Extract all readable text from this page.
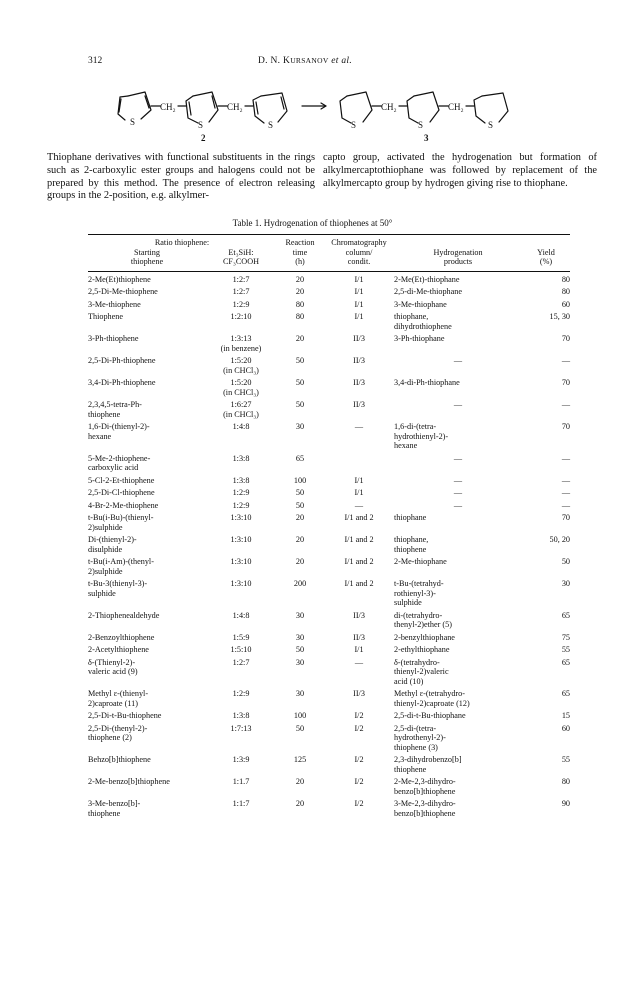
312	D. N. KURSANOV et al.
S
CH₂
S
CH₂
S	S
CH₂
S
CH₂
S
2	3
Thiophane derivatives with functional substituents in the rings such as 2-carboxylic ester groups and halogens could not be prepared by this method. The presence of electron releasing groups in the 2-position, e.g. alkylmer-
capto group, activated the hydrogenation but formation of alkylmercaptothiophane was followed by replacement of the alkylmercapto group by hydrogen giving rise to thiophane.
Table 1. Hydrogenation of thiophenes at 50°
Ratio thiophene:		Reaction	Chromatography		
Starting	Et₃SiH:	time	column/	Hydrogenation	Yield
thiophene	CF₃COOH	(h)	condit.	products	(%)

2-Me(Et)thiophene	1:2:7	20	I/1	2-Me(Et)-thiophane	80

2,5-Di-Me-thiophene	1:2:7	20	I/1	2,5-di-Me-thiophane	80

3-Me-thiophene	1:2:9	80	I/1	3-Me-thiophane	60

Thiophene	1:2:10	80	I/1	thiophane,
dihydrothiophene	15, 30

3-Ph-thiophene	1:3:13
(in benzene)	20	II/3	3-Ph-thiophane	70

2,5-Di-Ph-thiophene	1:5:20
(in CHCl₃)	50	II/3	—	—

3,4-Di-Ph-thiophene	1:5:20
(in CHCl₃)	50	II/3	3,4-di-Ph-thiophane	70

2,3,4,5-tetra-Ph-
thiophene	1:6:27
(in CHCl₃)	50	II/3	—	—

1,6-Di-(thienyl-2)-
hexane	1:4:8	30	—	1,6-di-(tetra-
hydrothienyl-2)-
hexane	70

5-Me-2-thiophene-
carboxylic acid	1:3:8	65		—	—

5-Cl-2-Et-thiophene	1:3:8	100	I/1	—	—

2,5-Di-Cl-thiophene	1:2:9	50	I/1	—	—

4-Br-2-Me-thiophene	1:2:9	50	—	—	—

t-Bu(i-Bu)-(thienyl-
2)sulphide	1:3:10	20	I/1 and 2	thiophane	70

Di-(thienyl-2)-
disulphide	1:3:10	20	I/1 and 2	thiophane,
thiophene	50, 20

t-Bu(i-Am)-(thenyl-
2)sulphide	1:3:10	20	I/1 and 2	2-Me-thiophane	50

t-Bu-3(thienyl-3)-
sulphide	1:3:10	200	I/1 and 2	t-Bu-(tetrahyd-
rothienyl-3)-
sulphide	30

2-Thiophenealdehyde	1:4:8	30	II/3	di-(tetrahydro-
thenyl-2)ether (5)	65

2-Benzoylthiophene	1:5:9	30	II/3	2-benzylthiophane	75

2-Acetylthiophene	1:5:10	50	I/1	2-ethylthiophane	55

δ-(Thienyl-2)-
valeric acid (9)	1:2:7	30	—	δ-(tetrahydro-
thienyl-2)valeric
acid (10)	65

Methyl ε-(thienyl-
2)caproate (11)	1:2:9	30	II/3	Methyl ε-(tetrahydro-
thienyl-2)caproate (12)	65

2,5-Di-t-Bu-thiophene	1:3:8	100	I/2	2,5-di-t-Bu-thiophane	15

2,5-Di-(thenyl-2)-
thiophene (2)	1:7:13	50	I/2	2,5-di-(tetra-
hydrothenyl-2)-
thiophene (3)	60

Behzo[b]thiophene	1:3:9	125	I/2	2,3-dihydrobenzo[b]
thiophene	55

2-Me-benzo[b]thiophene	1:1.7	20	I/2	2-Me-2,3-dihydro-
benzo[b]thiophene	80

3-Me-benzo[b]-
thiophene	1:1:7	20	I/2	3-Me-2,3-dihydro-
benzo[b]thiophene	90
